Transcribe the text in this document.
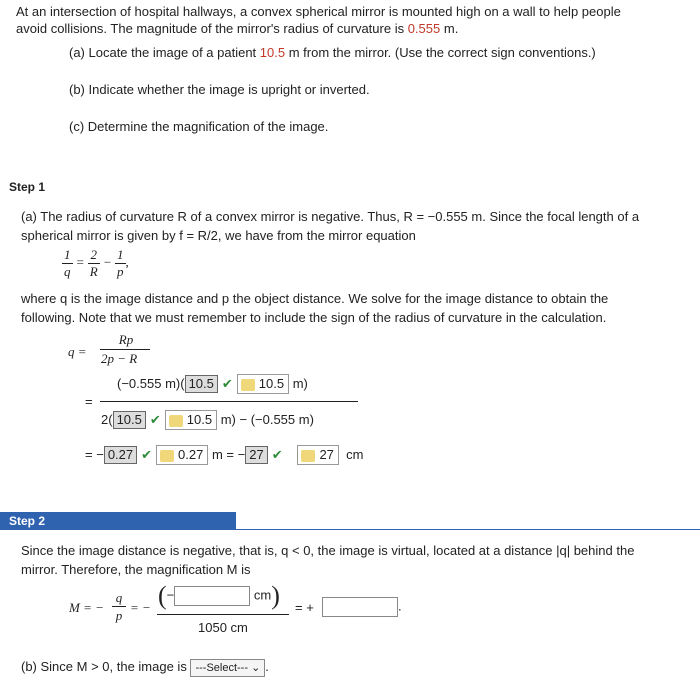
At an intersection of hospital hallways, a convex spherical mirror is mounted high on a wall to help people
avoid collisions. The magnitude of the mirror's radius of curvature is 0.555 m.
(a) Locate the image of a patient 10.5 m from the mirror. (Use the correct sign conventions.)
(b) Indicate whether the image is upright or inverted.
(c) Determine the magnification of the image.
Step 1
(a) The radius of curvature R of a convex mirror is negative. Thus, R = −0.555 m. Since the focal length of a
spherical mirror is given by f = R/2, we have from the mirror equation
$\frac{1}{q} = \frac{2}{R} - \frac{1}{p}$ ,
where q is the image distance and p the object distance. We solve for the image distance to obtain the
following. Note that we must remember to include the sign of the radius of curvature in the calculation.
q =
Rp
2p − R
=
(−0.555 m)( 10.5 ✔ 10.5 m)
2( 10.5 ✔ 10.5 m) − (−0.555 m)
= − 0.27 ✔ 0.27 m = − 27 ✔	27 cm
Step 2
Since the image distance is negative, that is, q < 0, the image is virtual, located at a distance |q| behind the
mirror. Therefore, the magnification M is
M = −
q
p
= − (−	cm)
1050 cm
= +	.
(b) Since M > 0, the image is ---Select--- ⌄ .
